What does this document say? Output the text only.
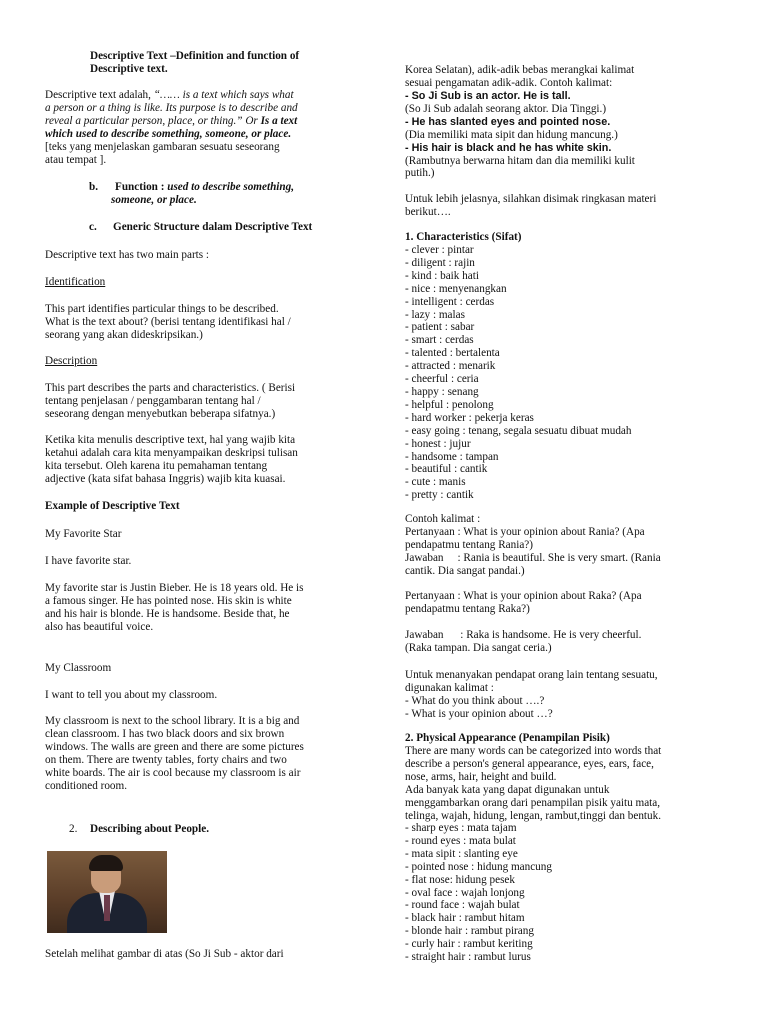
Descriptive Text –Definition and function of
Descriptive text.

Descriptive text adalah, “…… is a text which says what
a person or a thing is like. Its purpose is to describe and
reveal a particular person, place, or thing.” Or Is a text
which used to describe something, someone, or place.
[teks yang menjelaskan gambaran sesuatu seseorang
atau tempat ].

b. Function : used to describe something,
someone, or place.

c. Generic Structure dalam Descriptive Text

Descriptive text has two main parts :

Identification

This part identifies particular things to be described.
What is the text about? (berisi tentang identifikasi hal /
seorang yang akan dideskripsikan.)

Description

This part describes the parts and characteristics. ( Berisi
tentang penjelasan / penggambaran tentang hal /
seseorang dengan menyebutkan beberapa sifatnya.)

Ketika kita menulis descriptive text, hal yang wajib kita
ketahui adalah cara kita menyampaikan deskripsi tulisan
kita tersebut. Oleh karena itu pemahaman tentang
adjective (kata sifat bahasa Inggris) wajib kita kuasai.

Example of Descriptive Text

My Favorite Star

I have favorite star.

My favorite star is Justin Bieber. He is 18 years old. He is
a famous singer. He has pointed nose. His skin is white
and his hair is blonde. He is handsome. Beside that, he
also has beautiful voice.

My Classroom

I want to tell you about my classroom.

My classroom is next to the school library. It is a big and
clean classroom. I has two black doors and six brown
windows. The walls are green and there are some pictures
on them. There are twenty tables, forty chairs and two
white boards. The air is cool because my classroom is air
conditioned room.

2. Describing about People.

Setelah melihat gambar di atas (So Ji Sub - aktor dari

Korea Selatan), adik-adik bebas merangkai kalimat
sesuai pengamatan adik-adik. Contoh kalimat:

- So Ji Sub is an actor. He is tall.
(So Ji Sub adalah seorang aktor. Dia Tinggi.)
- He has slanted eyes and pointed nose.
(Dia memiliki mata sipit dan hidung mancung.)
- His hair is black and he has white skin.
(Rambutnya berwarna hitam dan dia memiliki kulit
putih.)

Untuk lebih jelasnya, silahkan disimak ringkasan materi
berikut….

1. Characteristics (Sifat)

- clever : pintar

- diligent : rajin

- kind : baik hati

- nice : menyenangkan

- intelligent : cerdas

- lazy : malas

- patient : sabar

- smart : cerdas

- talented : bertalenta

- attracted : menarik

- cheerful : ceria

- happy : senang

- helpful : penolong

- hard worker : pekerja keras

- easy going : tenang, segala sesuatu dibuat mudah

- honest : jujur

- handsome : tampan

- beautiful : cantik

- cute : manis

- pretty : cantik

Contoh kalimat :

Pertanyaan : What is your opinion about Rania? (Apa
pendapatmu tentang Rania?)
Jawaban     : Rania is beautiful. She is very smart. (Rania
cantik. Dia sangat pandai.)

Pertanyaan : What is your opinion about Raka? (Apa
pendapatmu tentang Raka?)

Jawaban      : Raka is handsome. He is very cheerful.
(Raka tampan. Dia sangat ceria.)

Untuk menanyakan pendapat orang lain tentang sesuatu,
digunakan kalimat :
- What do you think about ….?
- What is your opinion about …?

2. Physical Appearance (Penampilan Pisik)

There are many words can be categorized into words that
describe a person's general appearance, eyes, ears, face,
nose, arms, hair, height and build.
Ada banyak kata yang dapat digunakan untuk
menggambarkan orang dari penampilan pisik yaitu mata,
telinga, wajah, hidung, lengan, rambut,tinggi dan bentuk.

- sharp eyes : mata tajam

- round eyes : mata bulat

- mata sipit : slanting eye

- pointed nose : hidung mancung

- flat nose: hidung pesek

- oval face : wajah lonjong

- round face : wajah bulat

- black hair : rambut hitam

- blonde hair : rambut pirang

- curly hair : rambut keriting

- straight hair : rambut lurus
